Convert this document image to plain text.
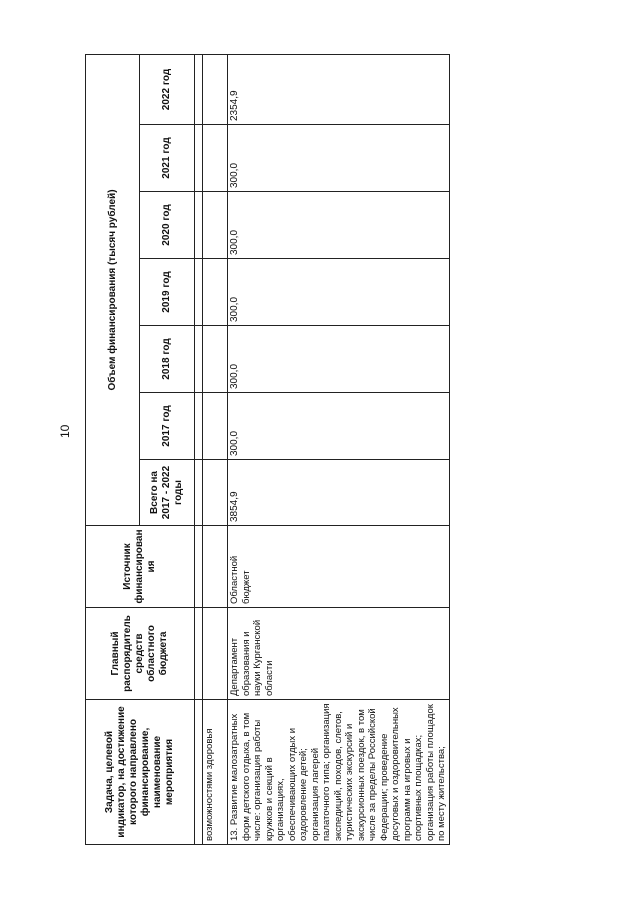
10
Задача, целевой индикатор, на достижение которого направлено финансирование, наименование мероприятия	Главный распорядитель средств областного бюджета	Источник финансирования	Объем финансирования (тысяч рублей)						
			Всего на 2017 - 2022 годы	2017 год	2018 год	2019 год	2020 год	2021 год	2022 год

возможностями здоровья									
13. Развитие малозатратных форм детского отдыха, в том числе: организация работы кружков и секций в организациях, обеспечивающих отдых и оздоровление детей; организация лагерей палаточного типа; организация экспедиций, походов, слетов, туристических экскурсий и экскурсионных поездок, в том числе за пределы Российской Федерации; проведение досуговых и оздоровительных программ на игровых и спортивных площадках; организация работы площадок по месту жительства;	Департамент образования и науки Курганской области	Областной бюджет	3854,9	300,0	300,0	300,0	300,0	300,0	2354,9
